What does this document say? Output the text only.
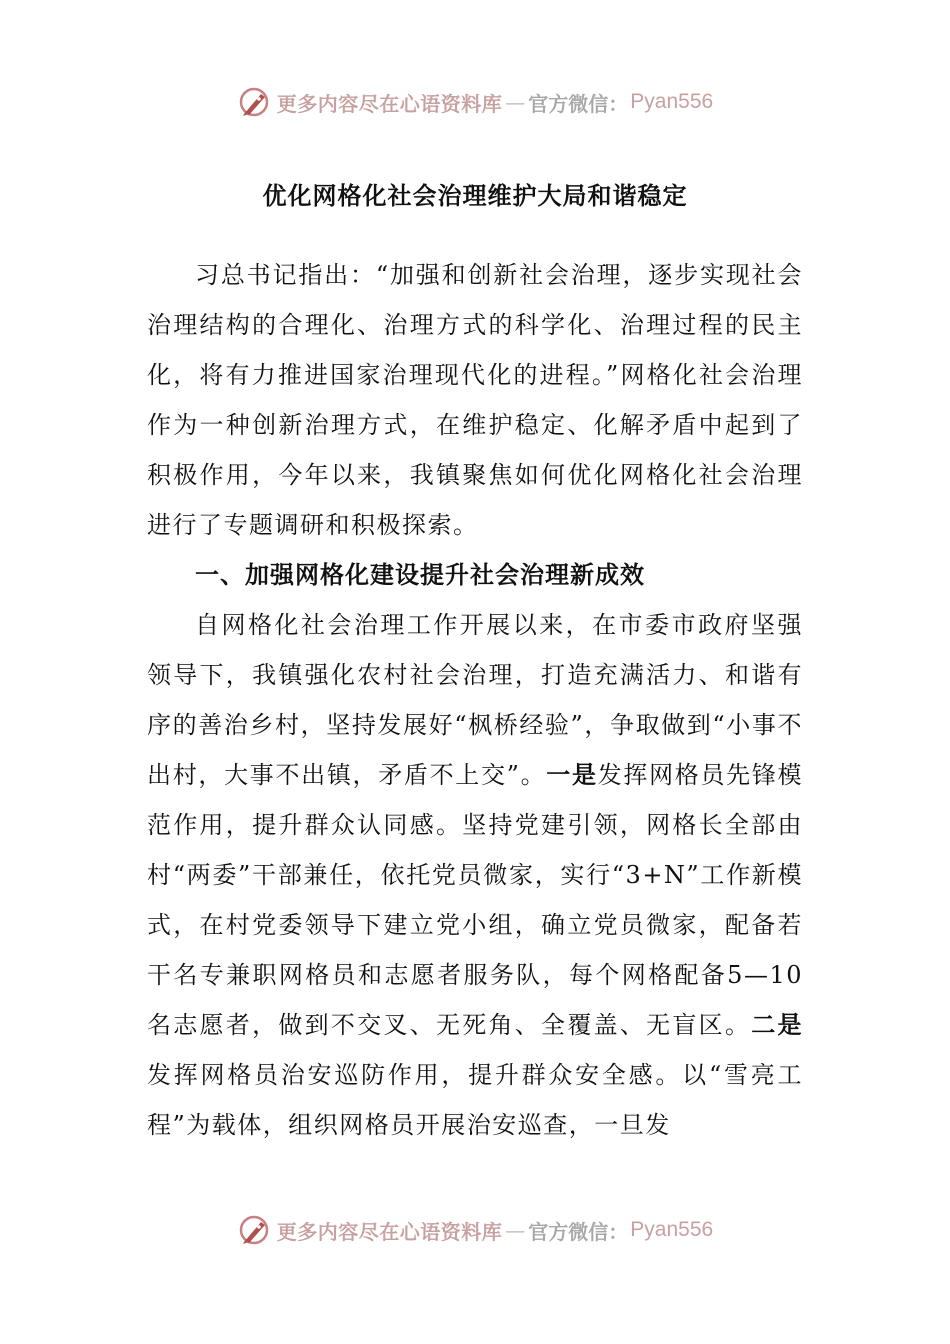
更多内容尽在心语资料库 — 官方微信： Pyan556
优化网格化社会治理维护大局和谐稳定

习总书记指出：“加强和创新社会治理，逐步实现社会治理结构的合理化、治理方式的科学化、治理过程的民主化，将有力推进国家治理现代化的进程。”网格化社会治理作为一种创新治理方式，在维护稳定、化解矛盾中起到了积极作用，今年以来，我镇聚焦如何优化网格化社会治理进行了专题调研和积极探索。

一、加强网格化建设提升社会治理新成效

自网格化社会治理工作开展以来，在市委市政府坚强领导下，我镇强化农村社会治理，打造充满活力、和谐有序的善治乡村，坚持发展好“枫桥经验”，争取做到“小事不出村，大事不出镇，矛盾不上交”。一是发挥网格员先锋模范作用，提升群众认同感。坚持党建引领，网格长全部由村“两委”干部兼任，依托党员微家，实行“3+N”工作新模式，在村党委领导下建立党小组，确立党员微家，配备若干名专兼职网格员和志愿者服务队，每个网格配备5—10名志愿者，做到不交叉、无死角、全覆盖、无盲区。二是发挥网格员治安巡防作用，提升群众安全感。以“雪亮工程”为载体，组织网格员开展治安巡查，一旦发

更多内容尽在心语资料库 — 官方微信： Pyan556
